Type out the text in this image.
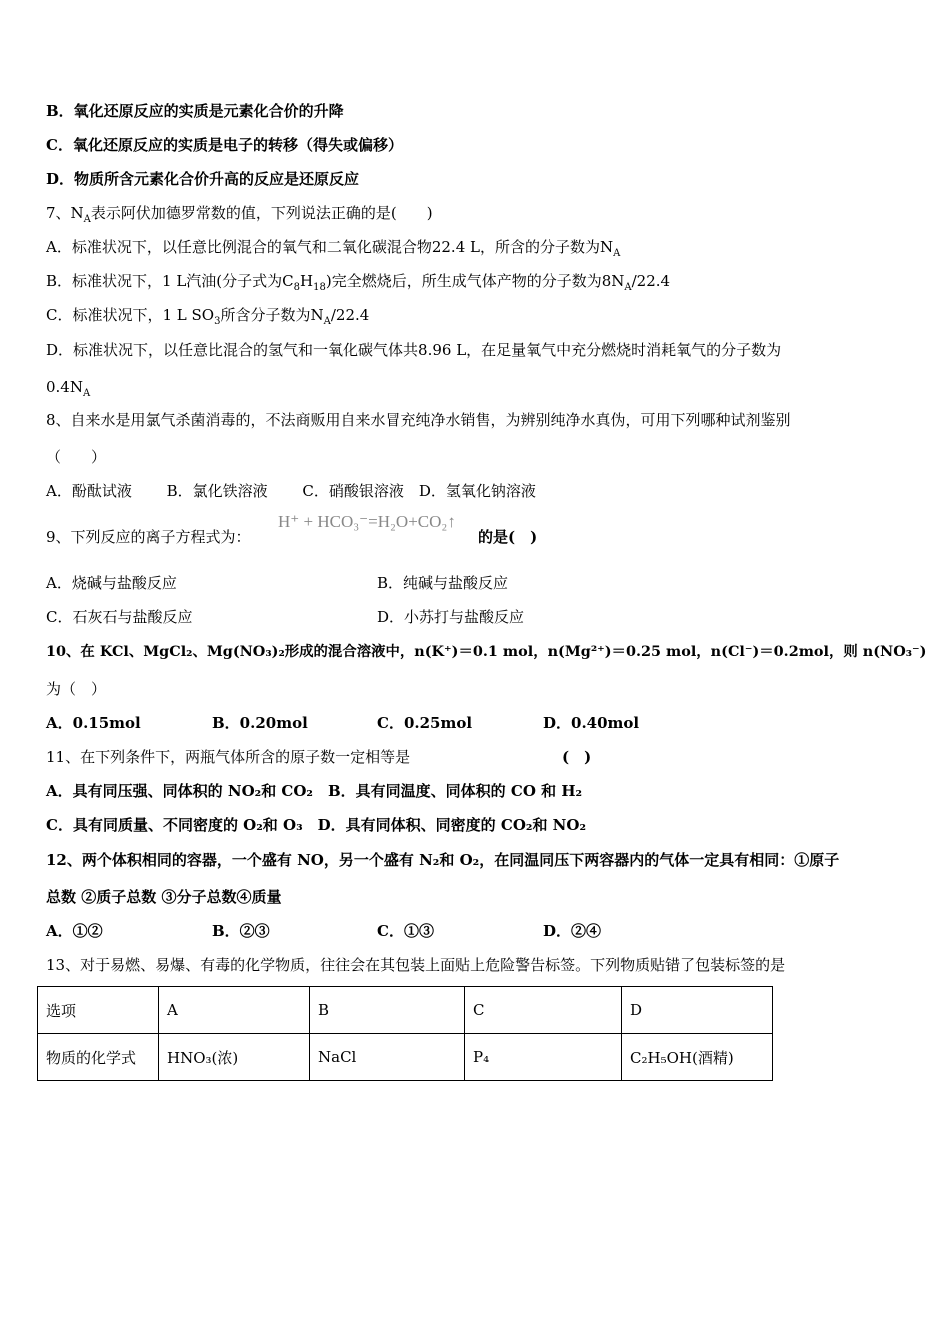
B．氧化还原反应的实质是元素化合价的升降
C．氧化还原反应的实质是电子的转移（得失或偏移）
D．物质所含元素化合价升高的反应是还原反应
7、$N_A$表示阿伏加德罗常数的值，下列说法正确的是(　　)
A．标准状况下，以任意比例混合的氧气和二氧化碳混合物22.4 L，所含的分子数为$N_A$
B．标准状况下，1 L汽油(分子式为$C_8H_{18}$)完全燃烧后，所生成气体产物的分子数为$8N_A/22.4$
C．标准状况下，1 L $SO_3$所含分子数为$N_A/22.4$
D．标准状况下，以任意比混合的氢气和一氧化碳气体共8.96 L，在足量氧气中充分燃烧时消耗氧气的分子数为
$0.4N_A$
8、自来水是用氯气杀菌消毒的，不法商贩用自来水冒充纯净水销售，为辨别纯净水真伪，可用下列哪种试剂鉴别
（　　）
A．酚酞试液　　 B．氯化铁溶液　　 C．硝酸银溶液　D．氢氧化钠溶液
9、下列反应的离子方程式为：
H⁺ + HCO₃⁻=H₂O+CO₂↑
的是(　)
A．烧碱与盐酸反应	B．纯碱与盐酸反应
C．石灰石与盐酸反应	D．小苏打与盐酸反应
10、在 KCl、MgCl₂、Mg(NO₃)₂形成的混合溶液中，n(K⁺)＝0.1 mol，n(Mg²⁺)＝0.25 mol，n(Cl⁻)＝0.2mol，则 n(NO₃⁻)
为（　）
A．0.15mol	B．0.20mol	C．0.25mol	D．0.40mol
11、在下列条件下，两瓶气体所含的原子数一定相等是	(　)
A．具有同压强、同体积的 NO₂和 CO₂　B．具有同温度、同体积的 CO 和 H₂
C．具有同质量、不同密度的 O₂和 O₃　D．具有同体积、同密度的 CO₂和 NO₂
12、两个体积相同的容器，一个盛有 NO，另一个盛有 N₂和 O₂，在同温同压下两容器内的气体一定具有相同：①原子
总数 ②质子总数 ③分子总数④质量
A．①②	B．②③	C．①③	D．②④
13、对于易燃、易爆、有毒的化学物质，往往会在其包装上面贴上危险警告标签。下列物质贴错了包装标签的是
选项	A	B	C	D
物质的化学式	HNO₃(浓)	NaCl	P₄	C₂H₅OH(酒精)
